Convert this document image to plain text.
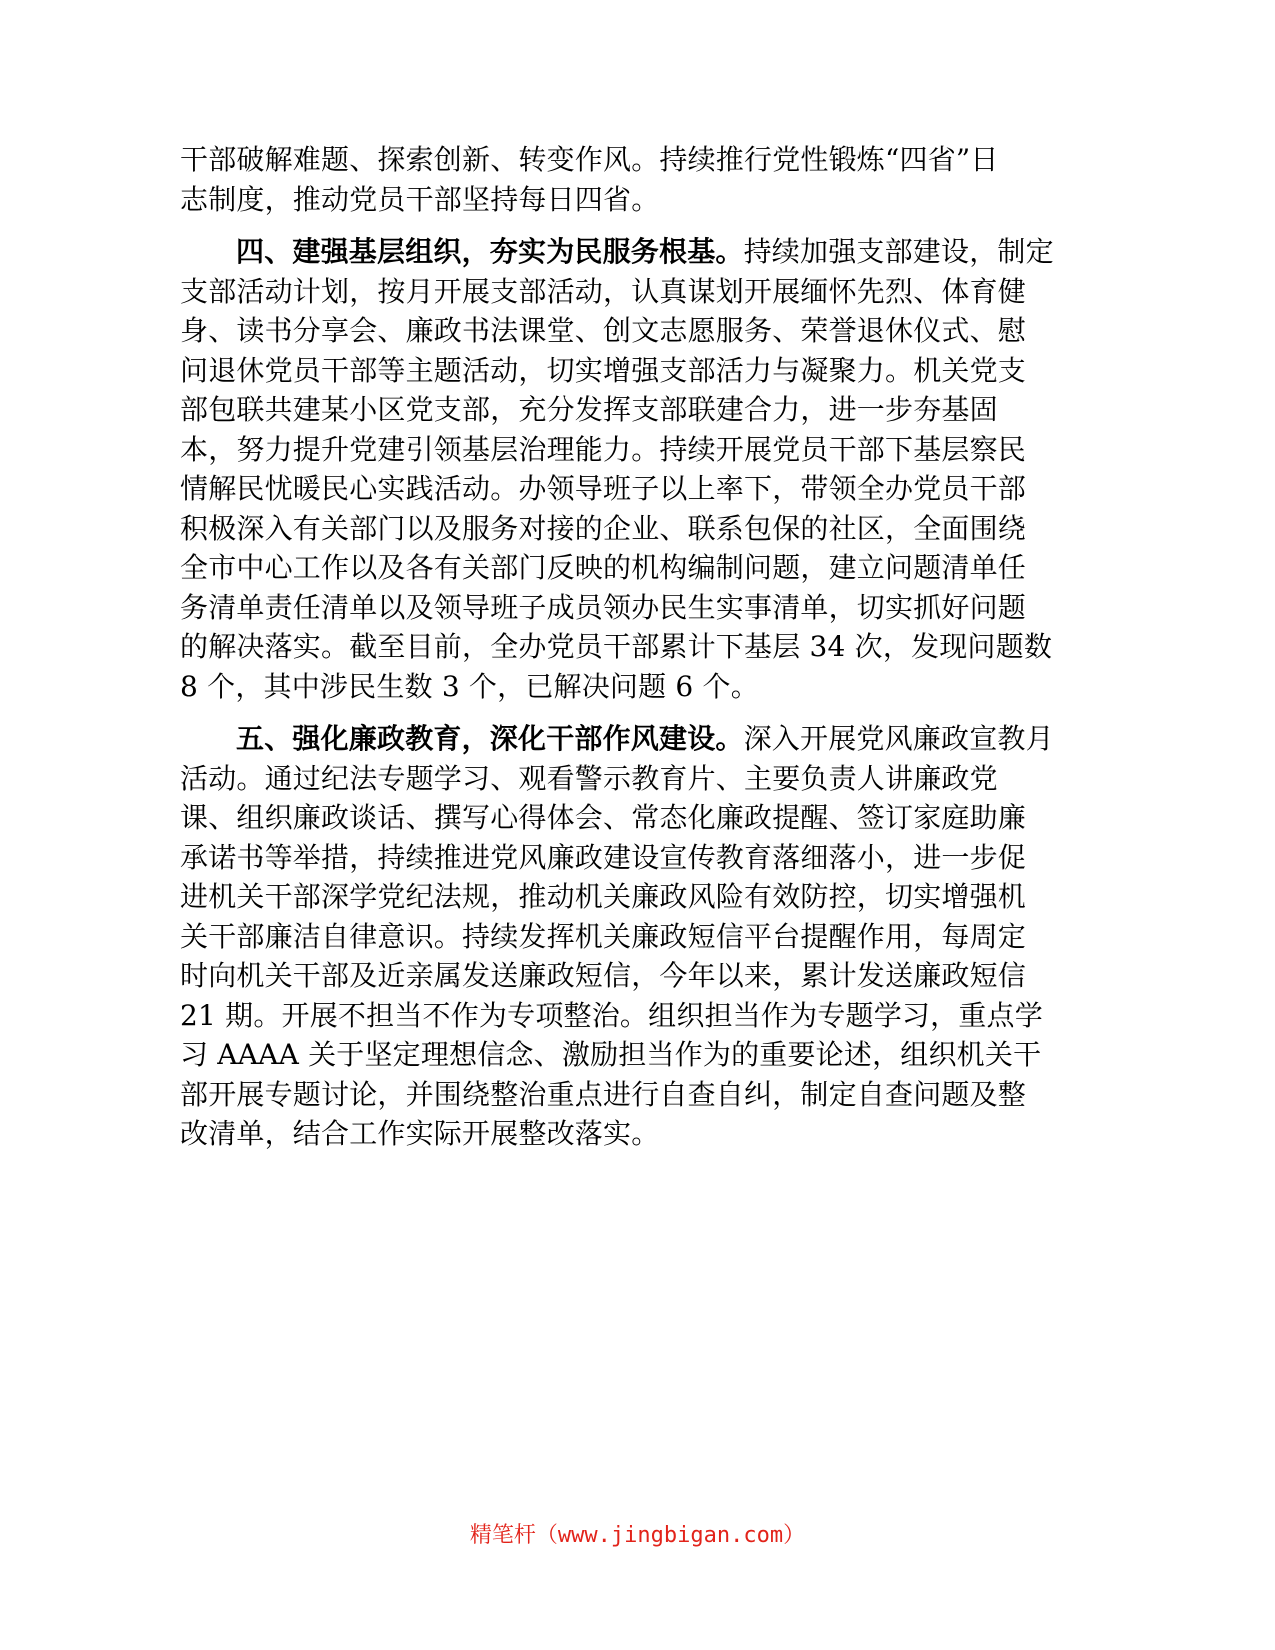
干部破解难题、探索创新、转变作风。持续推行党性锻炼“四省”日
志制度，推动党员干部坚持每日四省。
四、建强基层组织，夯实为民服务根基。持续加强支部建设，制定
支部活动计划，按月开展支部活动，认真谋划开展缅怀先烈、体育健
身、读书分享会、廉政书法课堂、创文志愿服务、荣誉退休仪式、慰
问退休党员干部等主题活动，切实增强支部活力与凝聚力。机关党支
部包联共建某小区党支部，充分发挥支部联建合力，进一步夯基固
本，努力提升党建引领基层治理能力。持续开展党员干部下基层察民
情解民忧暖民心实践活动。办领导班子以上率下，带领全办党员干部
积极深入有关部门以及服务对接的企业、联系包保的社区，全面围绕
全市中心工作以及各有关部门反映的机构编制问题，建立问题清单任
务清单责任清单以及领导班子成员领办民生实事清单，切实抓好问题
的解决落实。截至目前，全办党员干部累计下基层 34 次，发现问题数
8 个，其中涉民生数 3 个，已解决问题 6 个。
五、强化廉政教育，深化干部作风建设。深入开展党风廉政宣教月
活动。通过纪法专题学习、观看警示教育片、主要负责人讲廉政党
课、组织廉政谈话、撰写心得体会、常态化廉政提醒、签订家庭助廉
承诺书等举措，持续推进党风廉政建设宣传教育落细落小，进一步促
进机关干部深学党纪法规，推动机关廉政风险有效防控，切实增强机
关干部廉洁自律意识。持续发挥机关廉政短信平台提醒作用，每周定
时向机关干部及近亲属发送廉政短信，今年以来，累计发送廉政短信
21 期。开展不担当不作为专项整治。组织担当作为专题学习，重点学
习 AAAA 关于坚定理想信念、激励担当作为的重要论述，组织机关干
部开展专题讨论，并围绕整治重点进行自查自纠，制定自查问题及整
改清单，结合工作实际开展整改落实。
精笔杆（www.jingbigan.com）
